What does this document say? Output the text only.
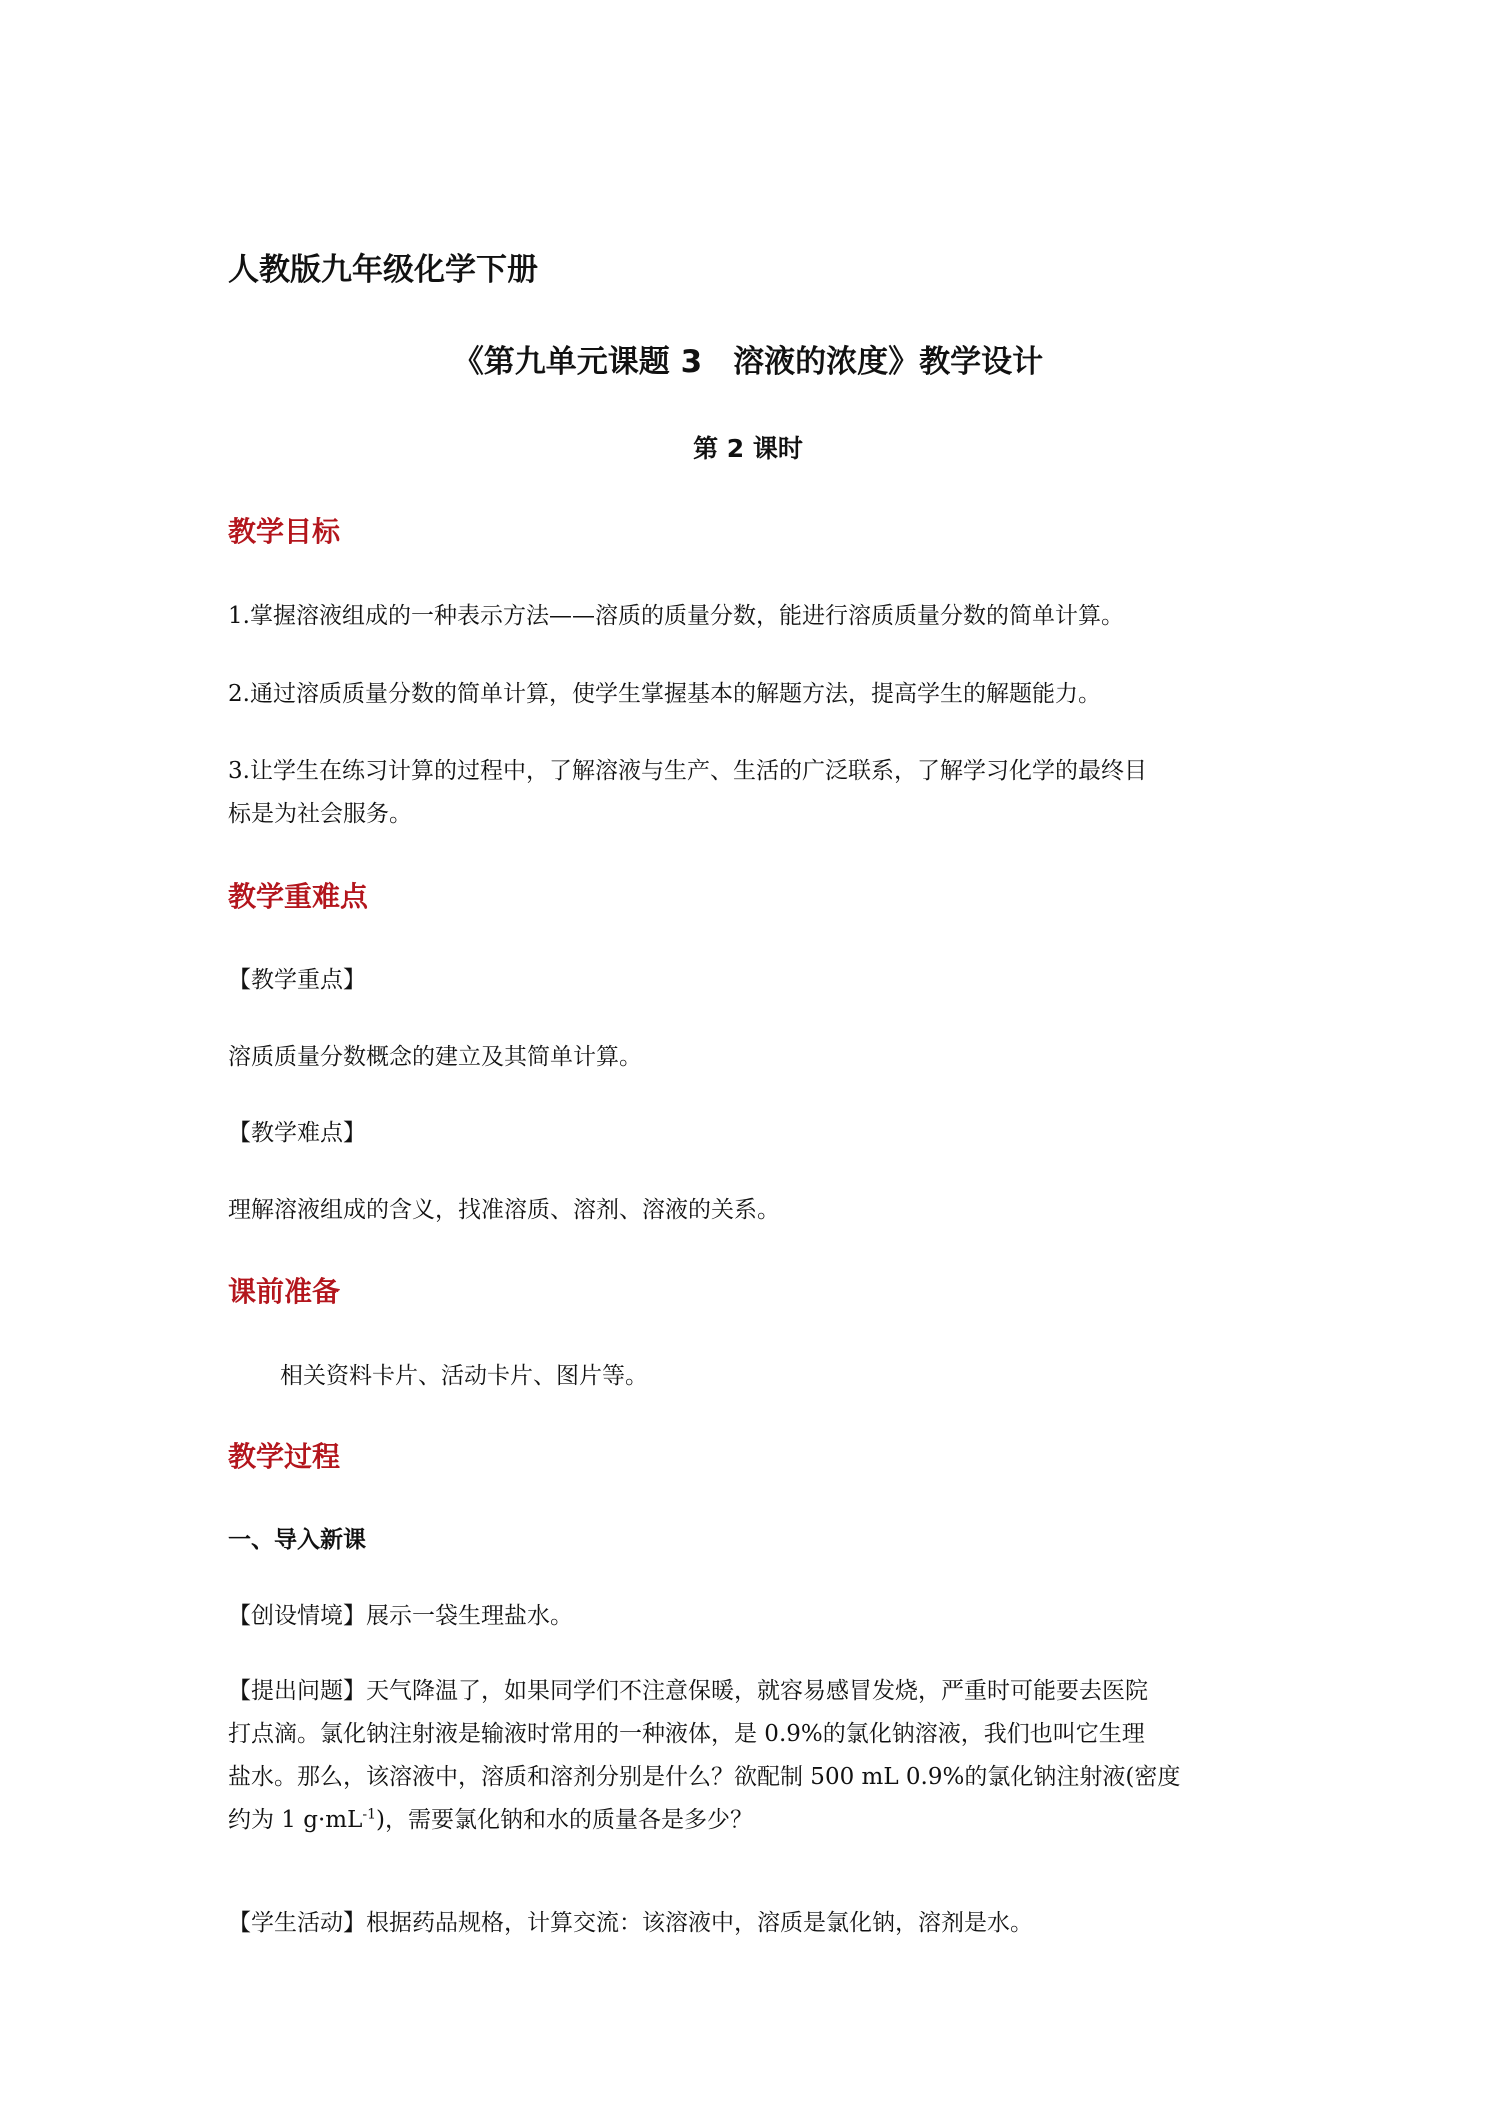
人教版九年级化学下册
《第九单元课题 3　溶液的浓度》教学设计
第 2 课时
教学目标
1.掌握溶液组成的一种表示方法——溶质的质量分数，能进行溶质质量分数的简单计算。
2.通过溶质质量分数的简单计算，使学生掌握基本的解题方法，提高学生的解题能力。
3.让学生在练习计算的过程中，了解溶液与生产、生活的广泛联系，了解学习化学的最终目
标是为社会服务。
教学重难点
【教学重点】
溶质质量分数概念的建立及其简单计算。
【教学难点】
理解溶液组成的含义，找准溶质、溶剂、溶液的关系。
课前准备
相关资料卡片、活动卡片、图片等。
教学过程
一、导入新课
【创设情境】展示一袋生理盐水。
【提出问题】天气降温了，如果同学们不注意保暖，就容易感冒发烧，严重时可能要去医院
打点滴。氯化钠注射液是输液时常用的一种液体，是 0.9%的氯化钠溶液，我们也叫它生理
盐水。那么，该溶液中，溶质和溶剂分别是什么？欲配制 500 mL 0.9%的氯化钠注射液(密度
约为 1 $g\cdot mL^{-1}$)，需要氯化钠和水的质量各是多少？
【学生活动】根据药品规格，计算交流：该溶液中，溶质是氯化钠，溶剂是水。
